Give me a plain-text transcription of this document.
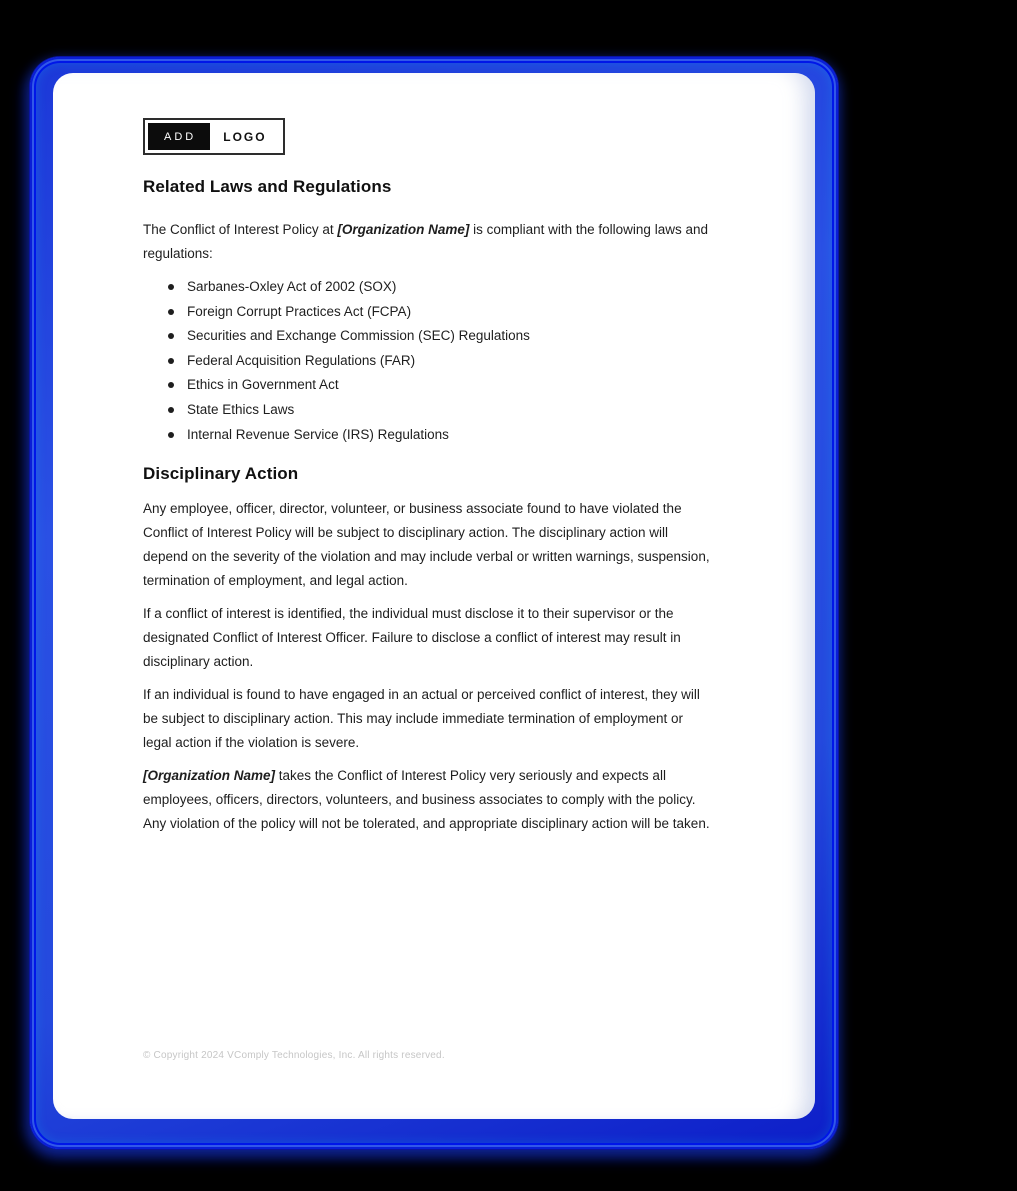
ADD	LOGO
Related Laws and Regulations

The Conflict of Interest Policy at [Organization Name] is compliant with the following laws and regulations:

Sarbanes-Oxley Act of 2002 (SOX)
Foreign Corrupt Practices Act (FCPA)
Securities and Exchange Commission (SEC) Regulations
Federal Acquisition Regulations (FAR)
Ethics in Government Act
State Ethics Laws
Internal Revenue Service (IRS) Regulations
Disciplinary Action

Any employee, officer, director, volunteer, or business associate found to have violated the Conflict of Interest Policy will be subject to disciplinary action. The disciplinary action will depend on the severity of the violation and may include verbal or written warnings, suspension, termination of employment, and legal action.

If a conflict of interest is identified, the individual must disclose it to their supervisor or the designated Conflict of Interest Officer. Failure to disclose a conflict of interest may result in disciplinary action.

If an individual is found to have engaged in an actual or perceived conflict of interest, they will be subject to disciplinary action. This may include immediate termination of employment or legal action if the violation is severe.

[Organization Name] takes the Conflict of Interest Policy very seriously and expects all employees, officers, directors, volunteers, and business associates to comply with the policy. Any violation of the policy will not be tolerated, and appropriate disciplinary action will be taken.

© Copyright 2024 VComply Technologies, Inc. All rights reserved.
